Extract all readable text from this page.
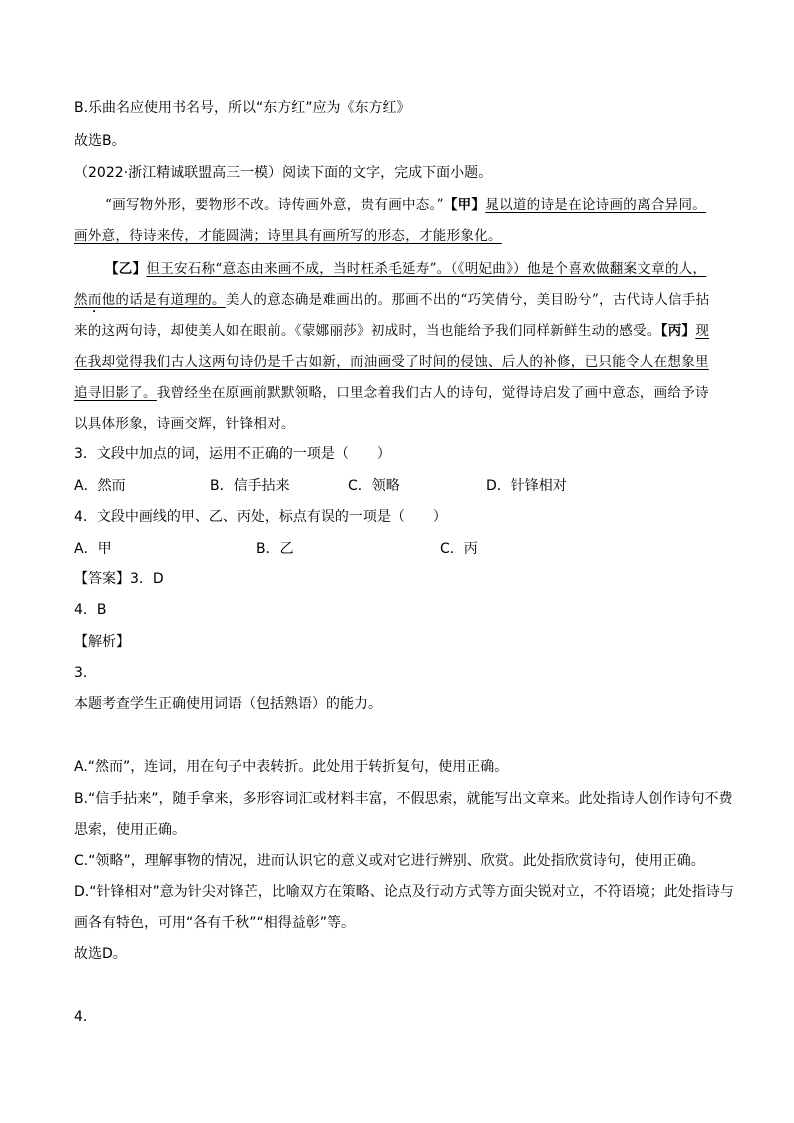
B.乐曲名应使用书名号，所以“东方红”应为《东方红》
故选B。
（2022·浙江精诚联盟高三一模）阅读下面的文字，完成下面小题。
“画写物外形，要物形不改。诗传画外意，贵有画中态。”【甲】晁以道的诗是在论诗画的离合异同。
画外意，待诗来传，才能圆满；诗里具有画所写的形态，才能形象化。
【乙】但王安石称“意态由来画不成，当时枉杀毛延寿”。（《明妃曲》）他是个喜欢做翻案文章的人，
然而他的话是有道理的。美人的意态确是难画出的。那画不出的“巧笑倩兮，美目盼兮”，古代诗人信手拈
来的这两句诗，却使美人如在眼前。《蒙娜丽莎》初成时，当也能给予我们同样新鲜生动的感受。【丙】现
在我却觉得我们古人这两句诗仍是千古如新，而油画受了时间的侵蚀、后人的补修，已只能令人在想象里
追寻旧影了。我曾经坐在原画前默默领略，口里念着我们古人的诗句，觉得诗启发了画中意态，画给予诗
以具体形象，诗画交辉，针锋相对。
3．文段中加点的词，运用不正确的一项是（　　）
A．然而	B．信手拈来	C．领略	D．针锋相对
4．文段中画线的甲、乙、丙处，标点有误的一项是（　　）
A．甲	B．乙	C．丙
【答案】3．D
4．B
【解析】
3．
本题考查学生正确使用词语（包括熟语）的能力。
A.“然而”，连词，用在句子中表转折。此处用于转折复句，使用正确。
B.“信手拈来”，随手拿来，多形容词汇或材料丰富，不假思索，就能写出文章来。此处指诗人创作诗句不费
思索，使用正确。
C.“领略”，理解事物的情况，进而认识它的意义或对它进行辨别、欣赏。此处指欣赏诗句，使用正确。
D.“针锋相对”意为针尖对锋芒，比喻双方在策略、论点及行动方式等方面尖锐对立，不符语境；此处指诗与
画各有特色，可用“各有千秋”“相得益彰”等。
故选D。
4．
